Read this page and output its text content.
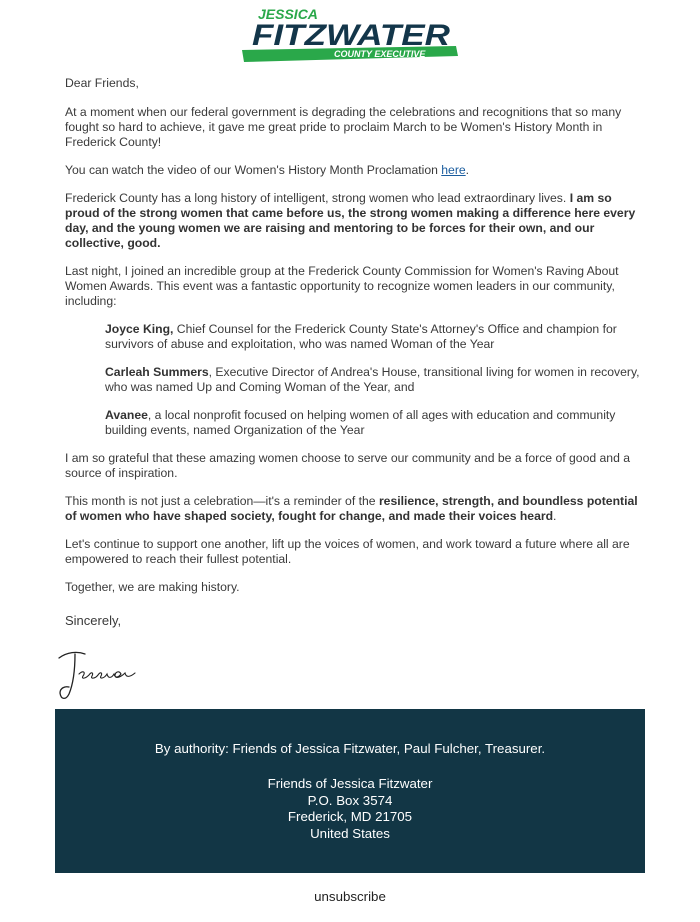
JESSICA
FITZWATER
COUNTY EXECUTIVE

Dear Friends,

At a moment when our federal government is degrading the celebrations and recognitions that so many fought so hard to achieve, it gave me great pride to proclaim March to be Women's History Month in Frederick County!

You can watch the video of our Women's History Month Proclamation here.

Frederick County has a long history of intelligent, strong women who lead extraordinary lives. I am so proud of the strong women that came before us, the strong women making a difference here every day, and the young women we are raising and mentoring to be forces for their own, and our collective, good.

Last night, I joined an incredible group at the Frederick County Commission for Women's Raving About Women Awards. This event was a fantastic opportunity to recognize women leaders in our community, including:

Joyce King, Chief Counsel for the Frederick County State's Attorney's Office and champion for survivors of abuse and exploitation, who was named Woman of the Year

Carleah Summers, Executive Director of Andrea's House, transitional living for women in recovery, who was named Up and Coming Woman of the Year, and

Avanee, a local nonprofit focused on helping women of all ages with education and community building events, named Organization of the Year

I am so grateful that these amazing women choose to serve our community and be a force of good and a source of inspiration.

This month is not just a celebration—it's a reminder of the resilience, strength, and boundless potential of women who have shaped society, fought for change, and made their voices heard.

Let's continue to support one another, lift up the voices of women, and work toward a future where all are empowered to reach their fullest potential.

Together, we are making history.

Sincerely,

By authority: Friends of Jessica Fitzwater, Paul Fulcher, Treasurer.
Friends of Jessica Fitzwater
P.O. Box 3574
Frederick, MD 21705
United States
unsubscribe
